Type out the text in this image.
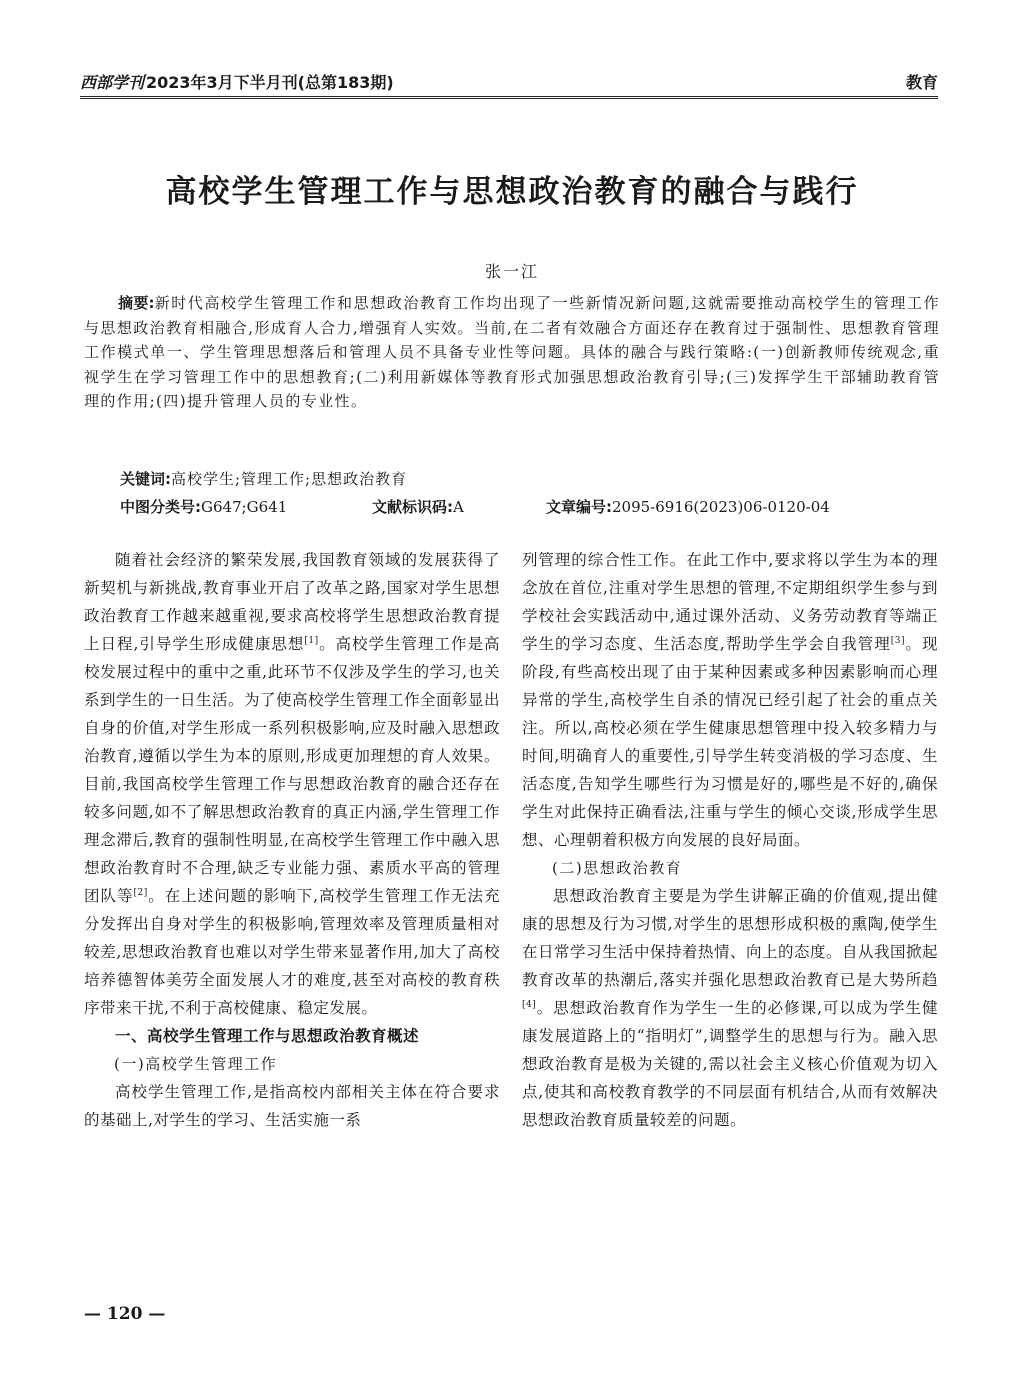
西部学刊 2023年3月下半月刊(总第183期)	教育
高校学生管理工作与思想政治教育的融合与践行
张一江
摘要:新时代高校学生管理工作和思想政治教育工作均出现了一些新情况新问题,这就需要推动高校学生的管理工作与思想政治教育相融合,形成育人合力,增强育人实效。当前,在二者有效融合方面还存在教育过于强制性、思想教育管理工作模式单一、学生管理思想落后和管理人员不具备专业性等问题。具体的融合与践行策略:(一)创新教师传统观念,重视学生在学习管理工作中的思想教育;(二)利用新媒体等教育形式加强思想政治教育引导;(三)发挥学生干部辅助教育管理的作用;(四)提升管理人员的专业性。
关键词:高校学生;管理工作;思想政治教育
中图分类号:G647;G641	文献标识码:A	文章编号:2095-6916(2023)06-0120-04

随着社会经济的繁荣发展,我国教育领域的发展获得了新契机与新挑战,教育事业开启了改革之路,国家对学生思想政治教育工作越来越重视,要求高校将学生思想政治教育提上日程,引导学生形成健康思想[1]。高校学生管理工作是高校发展过程中的重中之重,此环节不仅涉及学生的学习,也关系到学生的一日生活。为了使高校学生管理工作全面彰显出自身的价值,对学生形成一系列积极影响,应及时融入思想政治教育,遵循以学生为本的原则,形成更加理想的育人效果。目前,我国高校学生管理工作与思想政治教育的融合还存在较多问题,如不了解思想政治教育的真正内涵,学生管理工作理念滞后,教育的强制性明显,在高校学生管理工作中融入思想政治教育时不合理,缺乏专业能力强、素质水平高的管理团队等[2]。在上述问题的影响下,高校学生管理工作无法充分发挥出自身对学生的积极影响,管理效率及管理质量相对较差,思想政治教育也难以对学生带来显著作用,加大了高校培养德智体美劳全面发展人才的难度,甚至对高校的教育秩序带来干扰,不利于高校健康、稳定发展。

一、高校学生管理工作与思想政治教育概述
(一)高校学生管理工作

高校学生管理工作,是指高校内部相关主体在符合要求的基础上,对学生的学习、生活实施一系

列管理的综合性工作。在此工作中,要求将以学生为本的理念放在首位,注重对学生思想的管理,不定期组织学生参与到学校社会实践活动中,通过课外活动、义务劳动教育等端正学生的学习态度、生活态度,帮助学生学会自我管理[3]。现阶段,有些高校出现了由于某种因素或多种因素影响而心理异常的学生,高校学生自杀的情况已经引起了社会的重点关注。所以,高校必须在学生健康思想管理中投入较多精力与时间,明确育人的重要性,引导学生转变消极的学习态度、生活态度,告知学生哪些行为习惯是好的,哪些是不好的,确保学生对此保持正确看法,注重与学生的倾心交谈,形成学生思想、心理朝着积极方向发展的良好局面。

(二)思想政治教育

思想政治教育主要是为学生讲解正确的价值观,提出健康的思想及行为习惯,对学生的思想形成积极的熏陶,使学生在日常学习生活中保持着热情、向上的态度。自从我国掀起教育改革的热潮后,落实并强化思想政治教育已是大势所趋[4]。思想政治教育作为学生一生的必修课,可以成为学生健康发展道路上的“指明灯”,调整学生的思想与行为。融入思想政治教育是极为关键的,需以社会主义核心价值观为切入点,使其和高校教育教学的不同层面有机结合,从而有效解决思想政治教育质量较差的问题。

— 120 —
